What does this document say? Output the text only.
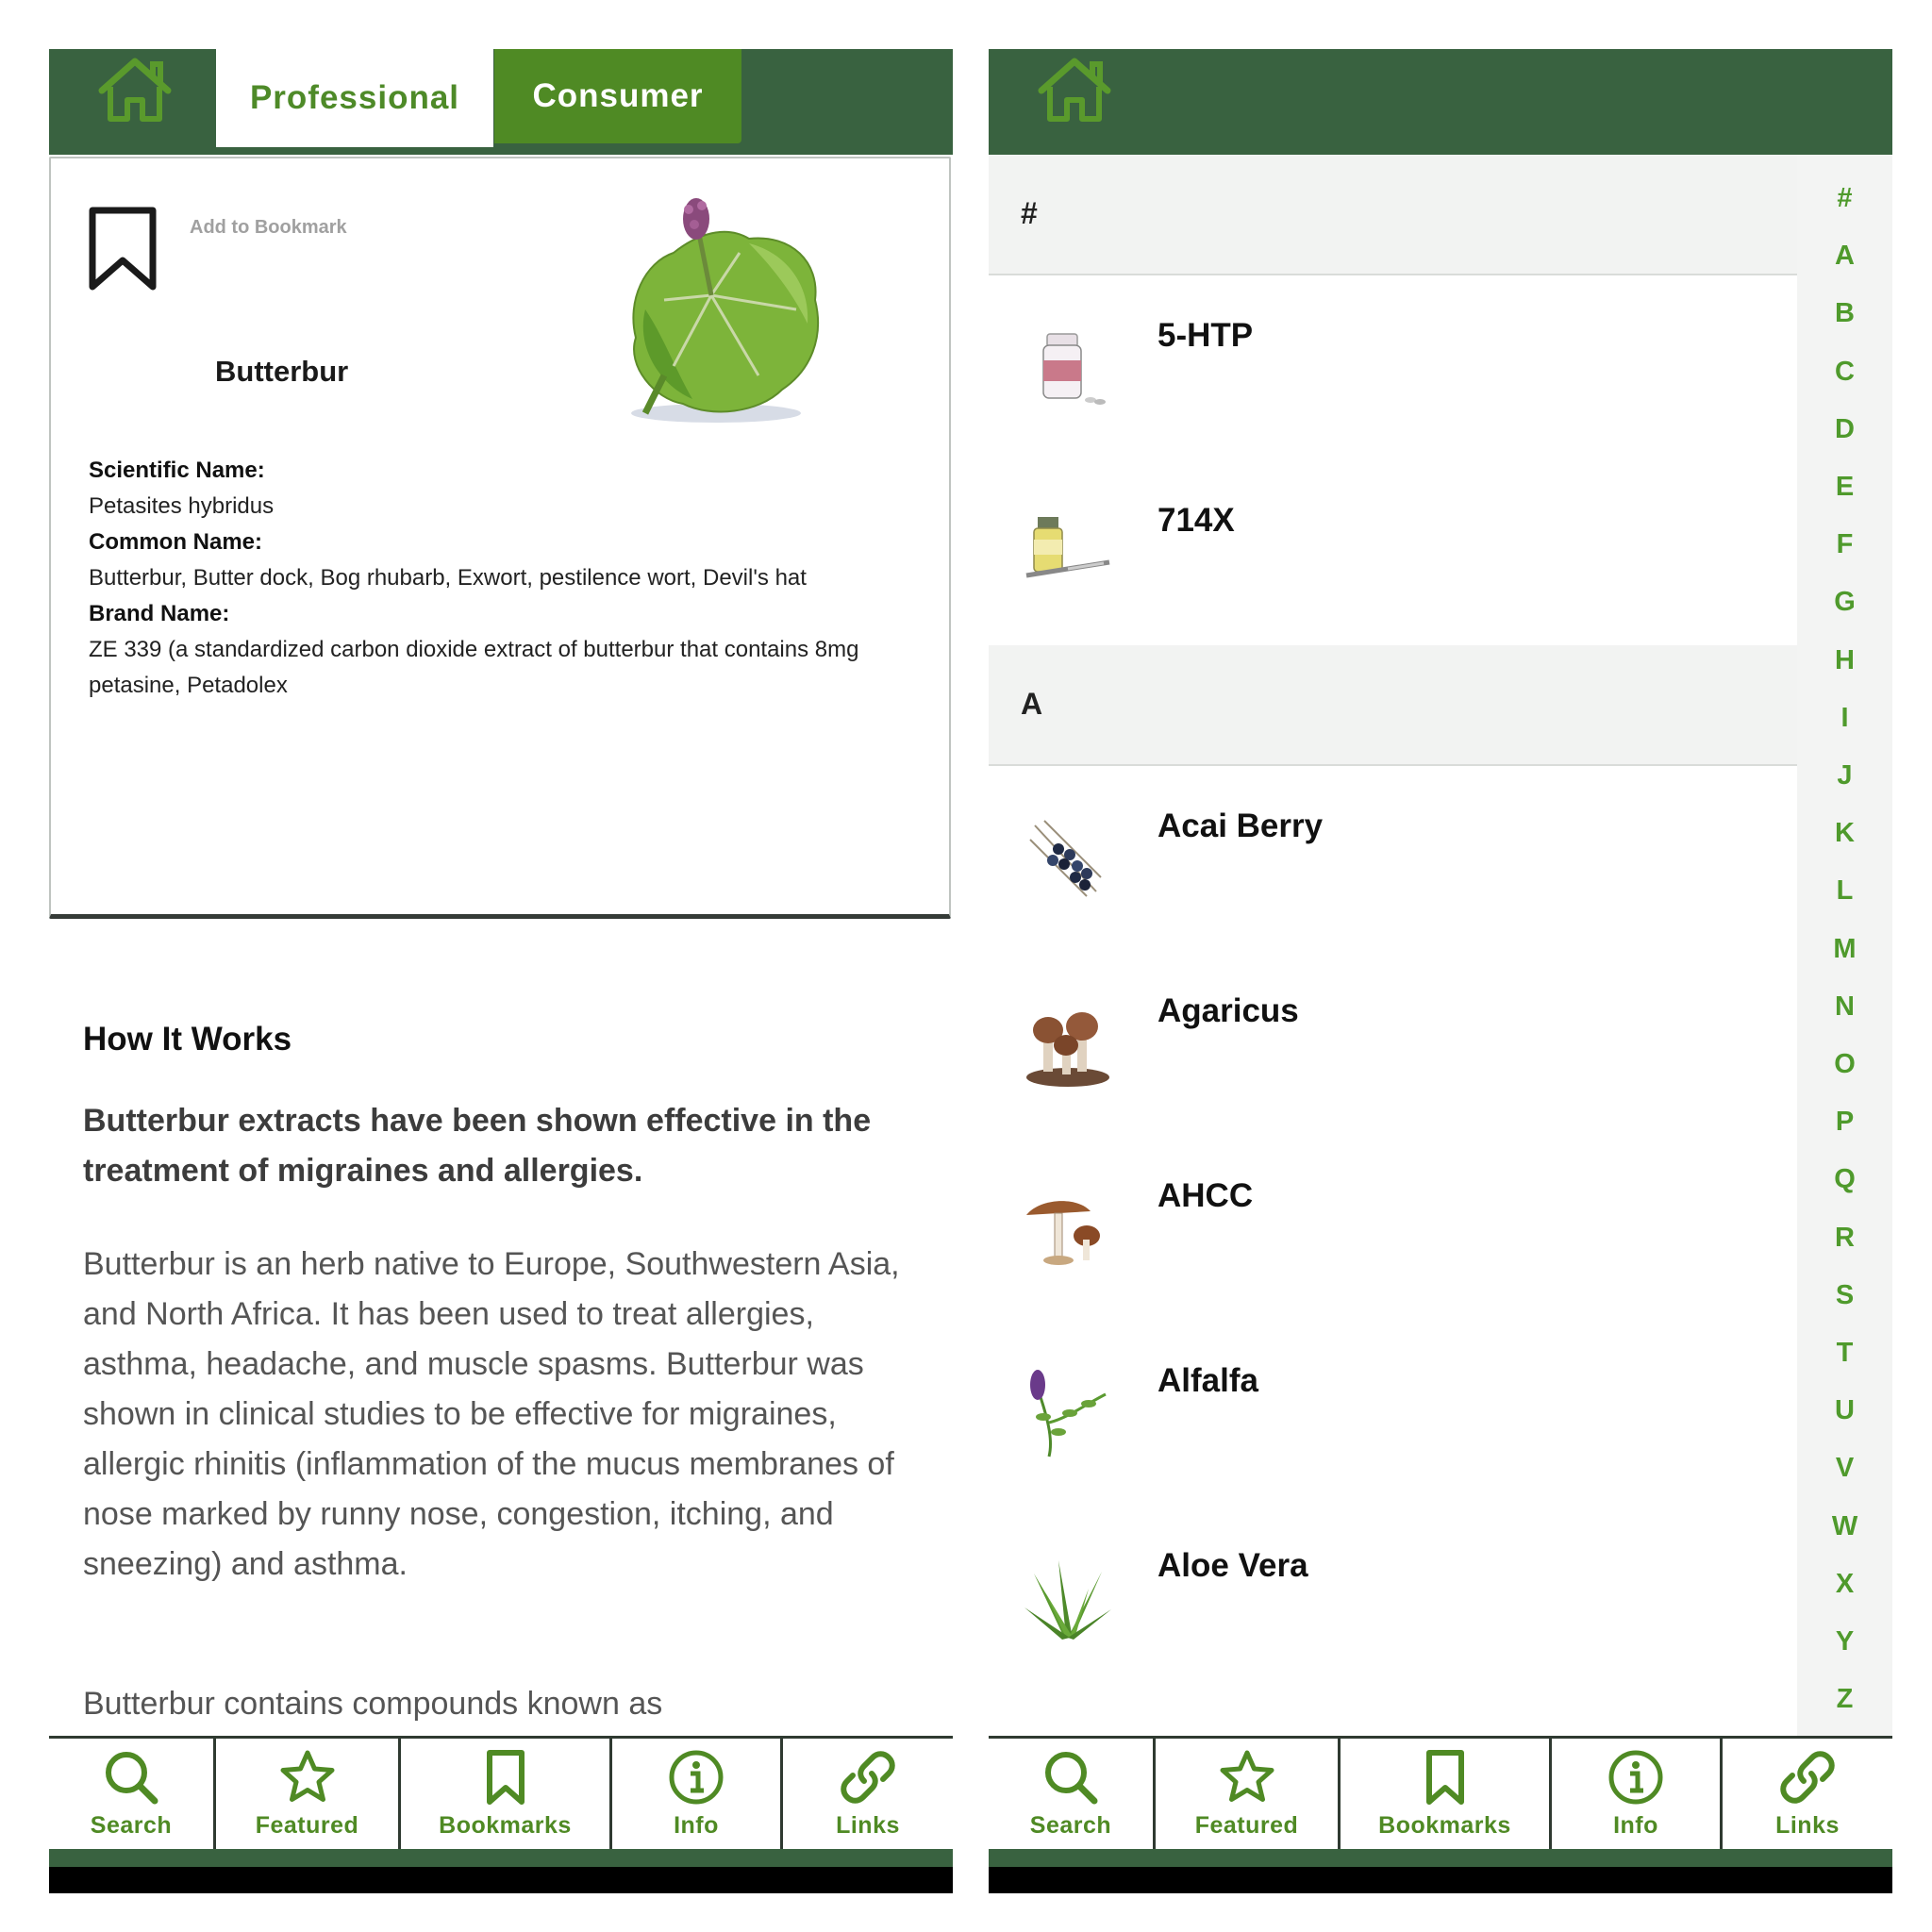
Professional	Consumer
Add to Bookmark
Butterbur
Scientific Name:
Petasites hybridus
Common Name:
Butterbur, Butter dock, Bog rhubarb, Exwort, pestilence wort, Devil's hat
Brand Name:
ZE 339 (a standardized carbon dioxide extract of butterbur that contains 8mg petasine, Petadolex
How It Works
Butterbur extracts have been shown effective in the treatment of migraines and allergies.
Butterbur is an herb native to Europe, Southwestern Asia, and North Africa. It has been used to treat allergies, asthma, headache, and muscle spasms. Butterbur was shown in clinical studies to be effective for migraines, allergic rhinitis (inflammation of the mucus membranes of nose marked by runny nose, congestion, itching, and sneezing) and asthma.
Butterbur contains compounds known as
Search	Featured	Bookmarks	Info	Links
#
5-HTP
714X
A
Acai Berry
Agaricus
AHCC
Alfalfa
Aloe Vera
#
A
B
C
D
E
F
G
H
I
J
K
L
M
N
O
P
Q
R
S
T
U
V
W
X
Y
Z
Search	Featured	Bookmarks	Info	Links
